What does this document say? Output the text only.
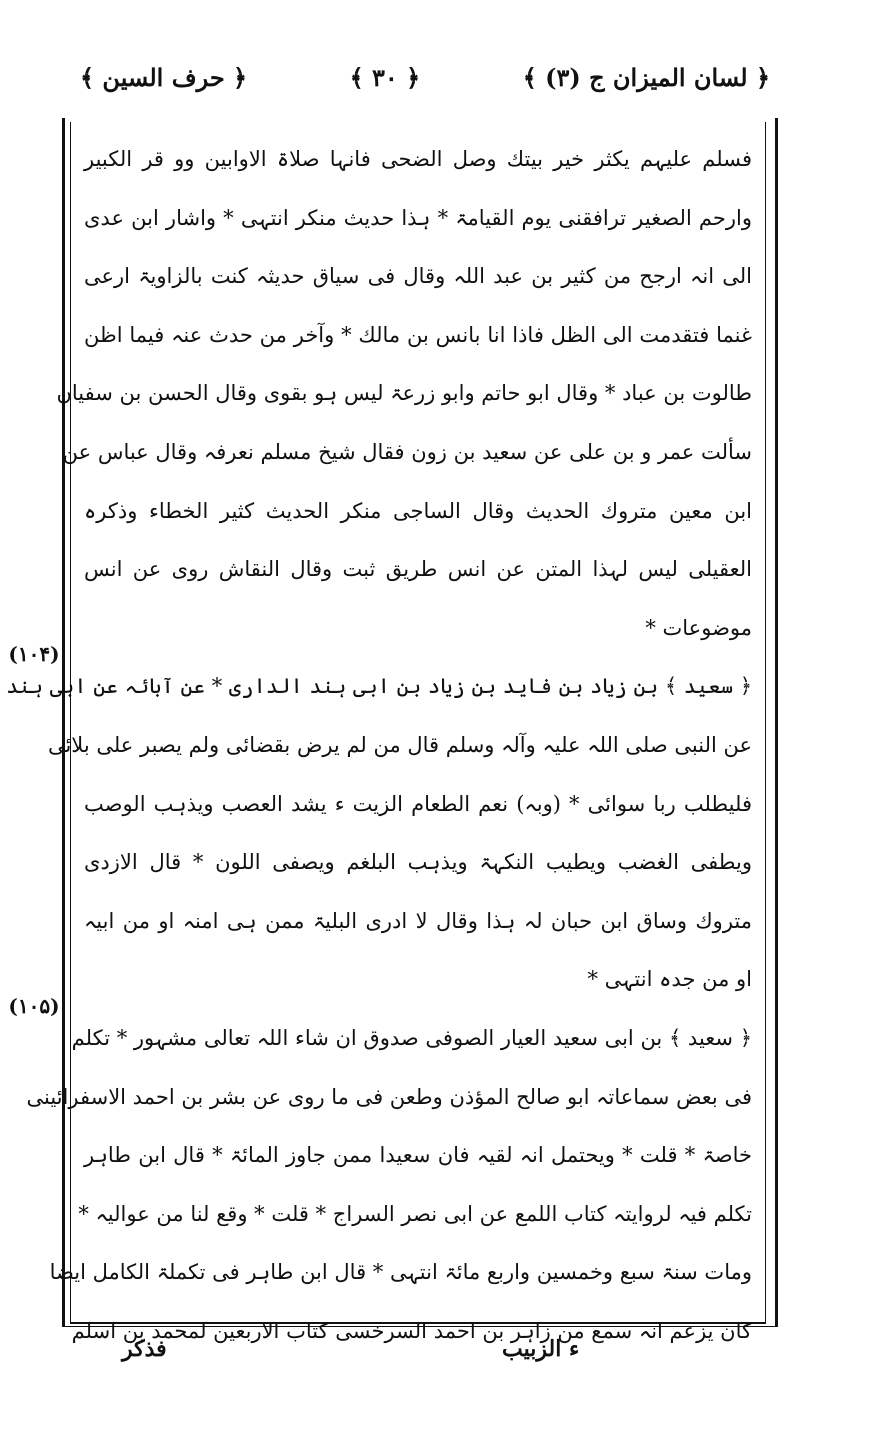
﴿ لسان المیزان ج (۳) ﴾
﴿ ۳۰ ﴾
﴿ حرف السین ﴾
فسلم علیہم یکثر خیر بیتك وصل الضحی فانہا صلاۃ الاوابین وو قر الکبیر
وارحم الصغیر ترافقنی یوم القیامۃ * ہذا حدیث منکر انتہی * واشار ابن عدی
الی انہ ارجح من کثیر بن عبد اللہ وقال فی سیاق حدیثہ کنت بالزاویۃ ارعی
غنما فتقدمت الی الظل فاذا انا بانس بن مالك * وآخر من حدث عنہ فیما اظن
طالوت بن عباد * وقال ابو حاتم وابو زرعۃ لیس ہو بقوی وقال الحسن بن سفیان
سألت عمر و بن علی عن سعید بن زون فقال شیخ مسلم نعرفہ وقال عباس عن
ابن معین متروك الحدیث وقال الساجی منکر الحدیث کثیر الخطاء وذکرہ
العقیلی لیس لہذا المتن عن انس طریق ثبت وقال النقاش روی عن انس
موضوعات *
﴿ سعید ﴾ بن زیاد بن فاید بن زیاد بن ابی ہند الداری * عن آبائہ عن ابی ہند
عن النبی صلی اللہ علیہ وآلہ وسلم قال من لم یرض بقضائی ولم یصبر علی بلائی
فلیطلب ربا سوائی * (وبہ) نعم الطعام الزیت ء یشد العصب ویذہب الوصب
ویطفی الغضب ویطیب النکہۃ ویذہب البلغم ویصفی اللون * قال الازدی
متروك وساق ابن حبان لہ ہذا وقال لا ادری البلیۃ ممن ہی امنہ او من ابیہ
او من جدہ انتہی *
﴿ سعید ﴾ بن ابی سعید العیار الصوفی صدوق ان شاء اللہ تعالی مشہور * تکلم
فی بعض سماعاتہ ابو صالح المؤذن وطعن فی ما روی عن بشر بن احمد الاسفرائینی
خاصۃ * قلت * ویحتمل انہ لقیہ فان سعیدا ممن جاوز المائۃ * قال ابن طاہر
تکلم فیہ لروایتہ کتاب اللمع عن ابی نصر السراج * قلت * وقع لنا من عوالیہ *
ومات سنۃ سبع وخمسین واربع مائۃ انتہی * قال ابن طاہر فی تکملۃ الکامل ایضا
کان یزعم انہ سمع من زاہر بن احمد السرخسی کتاب الاربعین لمحمد بن اسلم
(۱۰۴)
(۱۰۵)
فذکر	ء الزبیب
